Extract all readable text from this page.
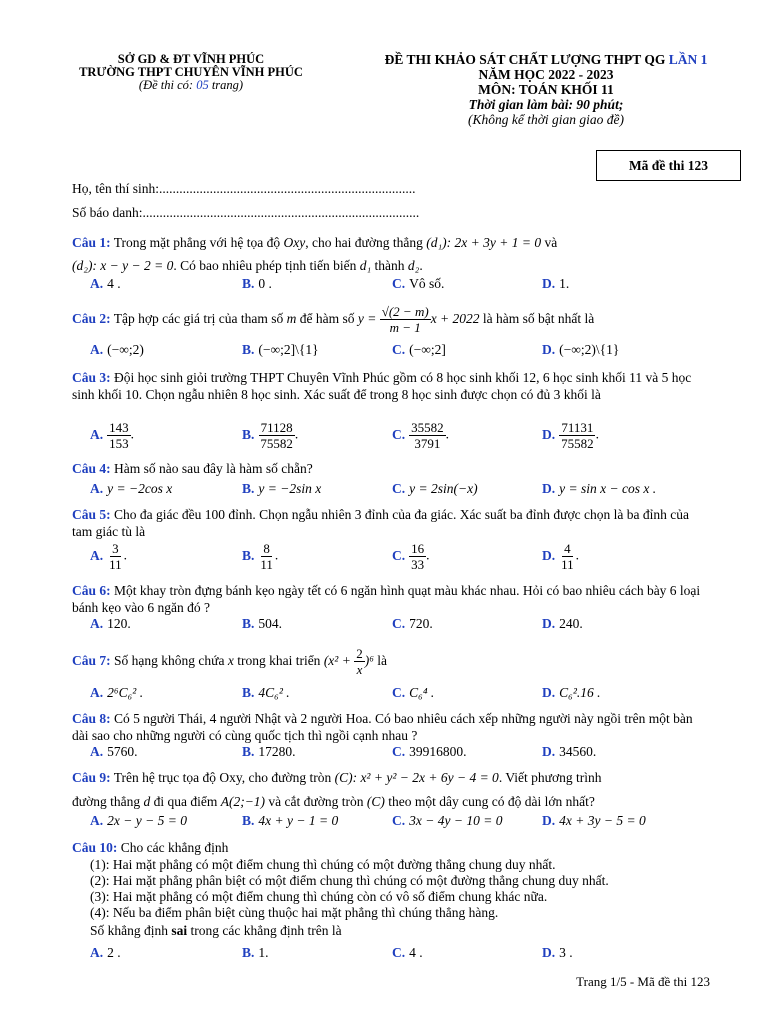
SỞ GD & ĐT VĨNH PHÚC
TRƯỜNG THPT CHUYÊN VĨNH PHÚC
(Đề thi có: 05 trang)
ĐỀ THI KHẢO SÁT CHẤT LƯỢNG THPT QG LẦN 1
NĂM HỌC 2022 - 2023
MÔN: TOÁN KHỐI 11
Thời gian làm bài: 90 phút;
(Không kể thời gian giao đề)
Mã đề thi 123
Họ, tên thí sinh:............................................................................
Số báo danh:..................................................................................
Câu 1: Trong mặt phẳng với hệ tọa độ Oxy, cho hai đường thẳng (d₁): 2x + 3y + 1 = 0 và
(d₂): x − y − 2 = 0. Có bao nhiêu phép tịnh tiến biến d₁ thành d₂.
A. 4 .	B. 0 .	C. Vô số.	D. 1.
Câu 2: Tập hợp các giá trị của tham số m để hàm số $y = \frac{√(2 - m)}{m - 1}$ x + 2022 là hàm số bật nhất là
A. (−∞;2)	B. (−∞;2]\{1}	C. (−∞;2]	D. (−∞;2)\{1}
Câu 3: Đội học sinh giỏi trường THPT Chuyên Vĩnh Phúc gồm có 8 học sinh khối 12, 6 học sinh khối 11 và 5 học sinh khối 10. Chọn ngẫu nhiên 8 học sinh. Xác suất để trong 8 học sinh được chọn có đủ 3 khối là
A. $\frac{143}{153}$ .	B. $\frac{71128}{75582}$ .	C. $\frac{35582}{3791}$ .	D. $\frac{71131}{75582}$ .
Câu 4: Hàm số nào sau đây là hàm số chẵn?
A. y = −2cos x	B. y = −2sin x	C. y = 2sin(−x)	D. y = sin x − cos x .
Câu 5: Cho đa giác đều 100 đỉnh. Chọn ngẫu nhiên 3 đỉnh của đa giác. Xác suất ba đỉnh được chọn là ba đỉnh của tam giác tù là
A. $\frac{3}{11}$ .	B. $\frac{8}{11}$ .	C. $\frac{16}{33}$ .	D. $\frac{4}{11}$ .
Câu 6: Một khay tròn đựng bánh kẹo ngày tết có 6 ngăn hình quạt màu khác nhau. Hỏi có bao nhiêu cách bày 6 loại bánh kẹo vào 6 ngăn đó ?
A. 120.	B. 504.	C. 720.	D. 240.
Câu 7: Số hạng không chứa x trong khai triển $(x^2 + \frac{2}{x} )^6$ là
A. 2⁶C₆² .	B. 4C₆² .	C. C₆⁴ .	D. C₆².16 .
Câu 8: Có 5 người Thái, 4 người Nhật và 2 người Hoa. Có bao nhiêu cách xếp những người này ngồi trên một bàn dài sao cho những người có cùng quốc tịch thì ngồi cạnh nhau ?
A. 5760.	B. 17280.	C. 39916800.	D. 34560.
Câu 9: Trên hệ trục tọa độ Oxy, cho đường tròn (C): x² + y² − 2x + 6y − 4 = 0. Viết phương trình
đường thẳng d đi qua điểm A(2;−1) và cắt đường tròn (C) theo một dây cung có độ dài lớn nhất?
A. 2x − y − 5 = 0	B. 4x + y − 1 = 0	C. 3x − 4y − 10 = 0	D. 4x + 3y − 5 = 0
Câu 10: Cho các khẳng định
(1): Hai mặt phẳng có một điểm chung thì chúng có một đường thẳng chung duy nhất.
(2): Hai mặt phẳng phân biệt có một điểm chung thì chúng có một đường thẳng chung duy nhất.
(3): Hai mặt phẳng có một điểm chung thì chúng còn có vô số điểm chung khác nữa.
(4): Nếu ba điểm phân biệt cùng thuộc hai mặt phẳng thì chúng thẳng hàng.
Số khẳng định sai trong các khẳng định trên là
A. 2 .	B. 1.	C. 4 .	D. 3 .
Trang 1/5 - Mã đề thi 123
